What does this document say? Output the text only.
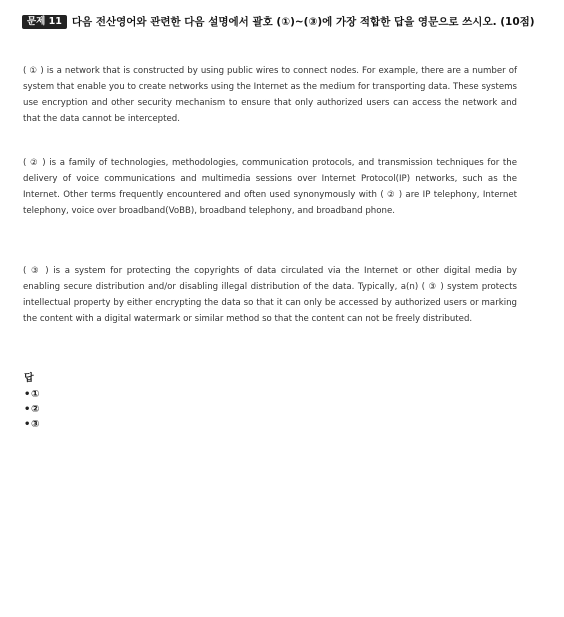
문제 11 다음 전산영어와 관련한 다음 설명에서 괄호 (①)~(③)에 가장 적합한 답을 영문으로 쓰시오. (10점)
( ① ) is a network that is constructed by using public wires to connect nodes. For example, there are a number of system that enable you to create networks using the Internet as the medium for transporting data. These systems use encryption and other security mechanism to ensure that only authorized users can access the network and that the data cannot be intercepted.
( ② ) is a family of technologies, methodologies, communication protocols, and transmission techniques for the delivery of voice communications and multimedia sessions over Internet Protocol(IP) networks, such as the Internet. Other terms frequently encountered and often used synonymously with ( ② ) are IP telephony, Internet telephony, voice over broadband(VoBB), broadband telephony, and broadband phone.
( ③ ) is a system for protecting the copyrights of data circulated via the Internet or other digital media by enabling secure distribution and/or disabling illegal distribution of the data. Typically, a(n) ( ③ ) system protects intellectual property by either encrypting the data so that it can only be accessed by authorized users or marking the content with a digital watermark or similar method so that the content can not be freely distributed.
답
•①
•②
•③
